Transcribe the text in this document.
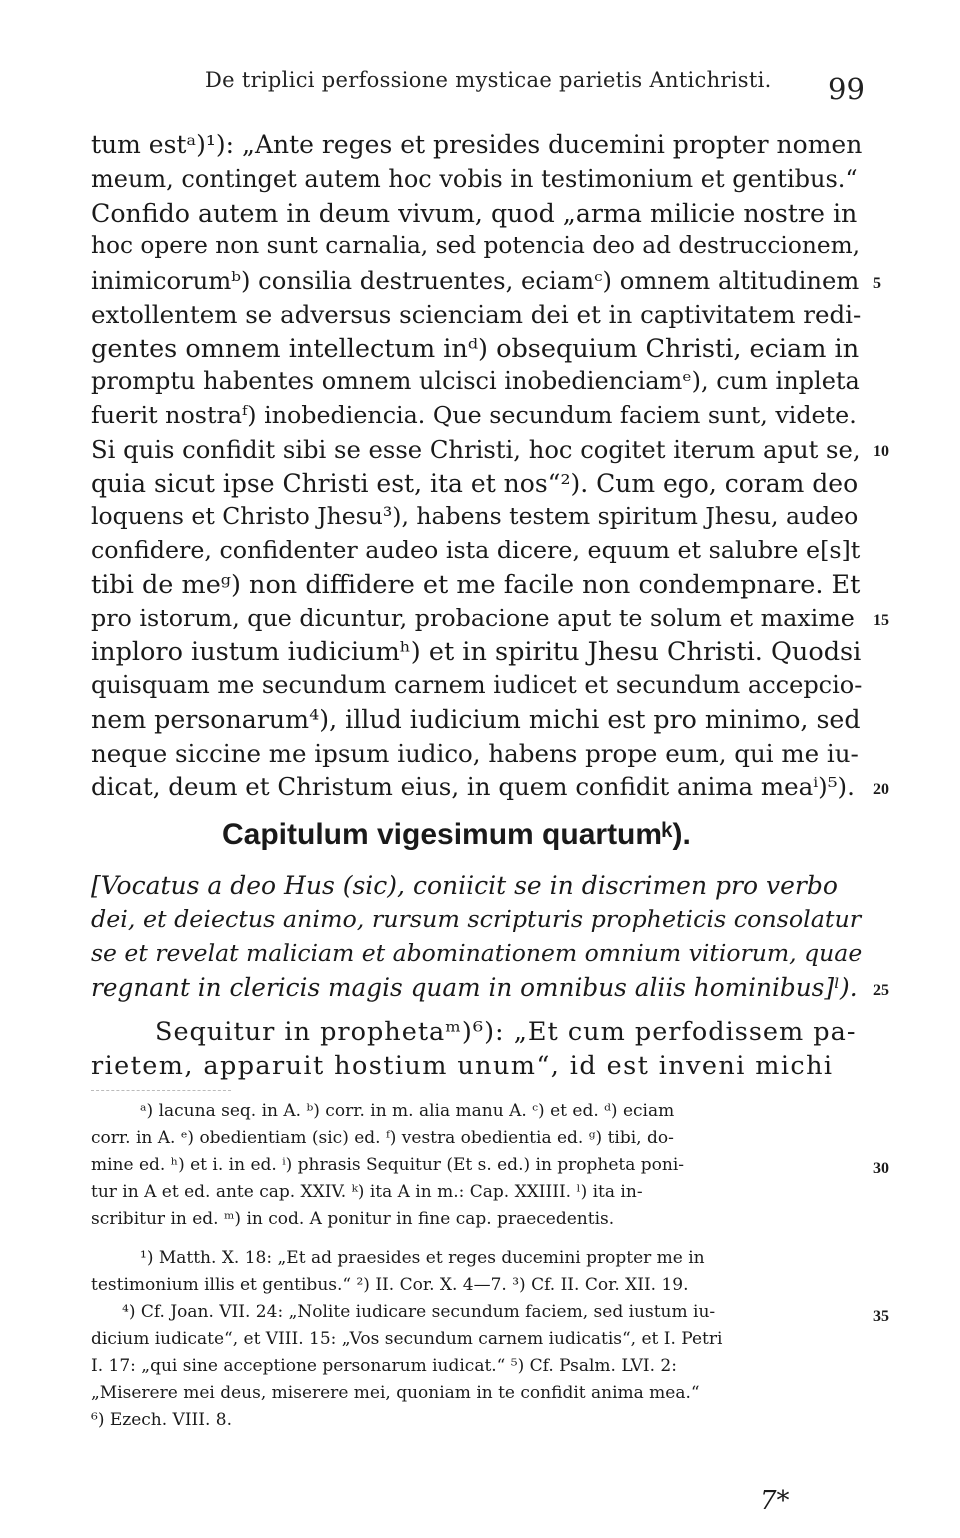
De triplici perfossione mysticae parietis Antichristi. 99
tum estᵃ)¹): „Ante reges et presides ducemini propter nomen
meum, continget autem hoc vobis in testimonium et gentibus.“
Confido autem in deum vivum, quod „arma milicie nostre in
hoc opere non sunt carnalia, sed potencia deo ad destruccionem,
inimicorumᵇ) consilia destruentes, eciamᶜ) omnem altitudinem
extollentem se adversus scienciam dei et in captivitatem redi-
gentes omnem intellectum inᵈ) obsequium Christi, eciam in
promptu habentes omnem ulcisci inobedienciamᵉ), cum inpleta
fuerit nostraᶠ) inobediencia. Que secundum faciem sunt, videte.
Si quis confidit sibi se esse Christi, hoc cogitet iterum aput se,
quia sicut ipse Christi est, ita et nos“²). Cum ego, coram deo
loquens et Christo Jhesu³), habens testem spiritum Jhesu, audeo
confidere, confidenter audeo ista dicere, equum et salubre e[s]t
tibi de meᵍ) non diffidere et me facile non condempnare. Et
pro istorum, que dicuntur, probacione aput te solum et maxime
inploro iustum iudiciumʰ) et in spiritu Jhesu Christi. Quodsi
quisquam me secundum carnem iudicet et secundum accepcio-
nem personarum⁴), illud iudicium michi est pro minimo, sed
neque siccine me ipsum iudico, habens prope eum, qui me iu-
dicat, deum et Christum eius, in quem confidit anima meaⁱ)⁵).
5
10
15
20
Capitulum vigesimum quartumᵏ).
[Vocatus a deo Hus (sic), coniicit se in discrimen pro verbo
dei, et deiectus animo, rursum scripturis propheticis consolatur
se et revelat maliciam et abominationem omnium vitiorum, quae
regnant in clericis magis quam in omnibus aliis hominibus]ˡ). 25
Sequitur in prophetaᵐ)⁶): „Et cum perfodissem pa-
rietem, apparuit hostium unum“, id est inveni michi
ᵃ) lacuna seq. in A. ᵇ) corr. in m. alia manu A. ᶜ) et ed. ᵈ) eciam
corr. in A. ᵉ) obedientiam (sic) ed. ᶠ) vestra obedientia ed. ᵍ) tibi, do-
mine ed. ʰ) et i. in ed. ⁱ) phrasis Sequitur (Et s. ed.) in propheta poni-
tur in A et ed. ante cap. XXIV. ᵏ) ita A in m.: Cap. XXIIII. ˡ) ita in-
scribitur in ed. ᵐ) in cod. A ponitur in fine cap. praecedentis.
30
¹) Matth. X. 18: „Et ad praesides et reges ducemini propter me in
testimonium illis et gentibus.“ ²) II. Cor. X. 4—7. ³) Cf. II. Cor. XII. 19.
⁴) Cf. Joan. VII. 24: „Nolite iudicare secundum faciem, sed iustum iu-
dicium iudicate“, et VIII. 15: „Vos secundum carnem iudicatis“, et I. Petri
I. 17: „qui sine acceptione personarum iudicat.“ ⁵) Cf. Psalm. LVI. 2:
„Miserere mei deus, miserere mei, quoniam in te confidit anima mea.“
⁶) Ezech. VIII. 8.
35
7*
